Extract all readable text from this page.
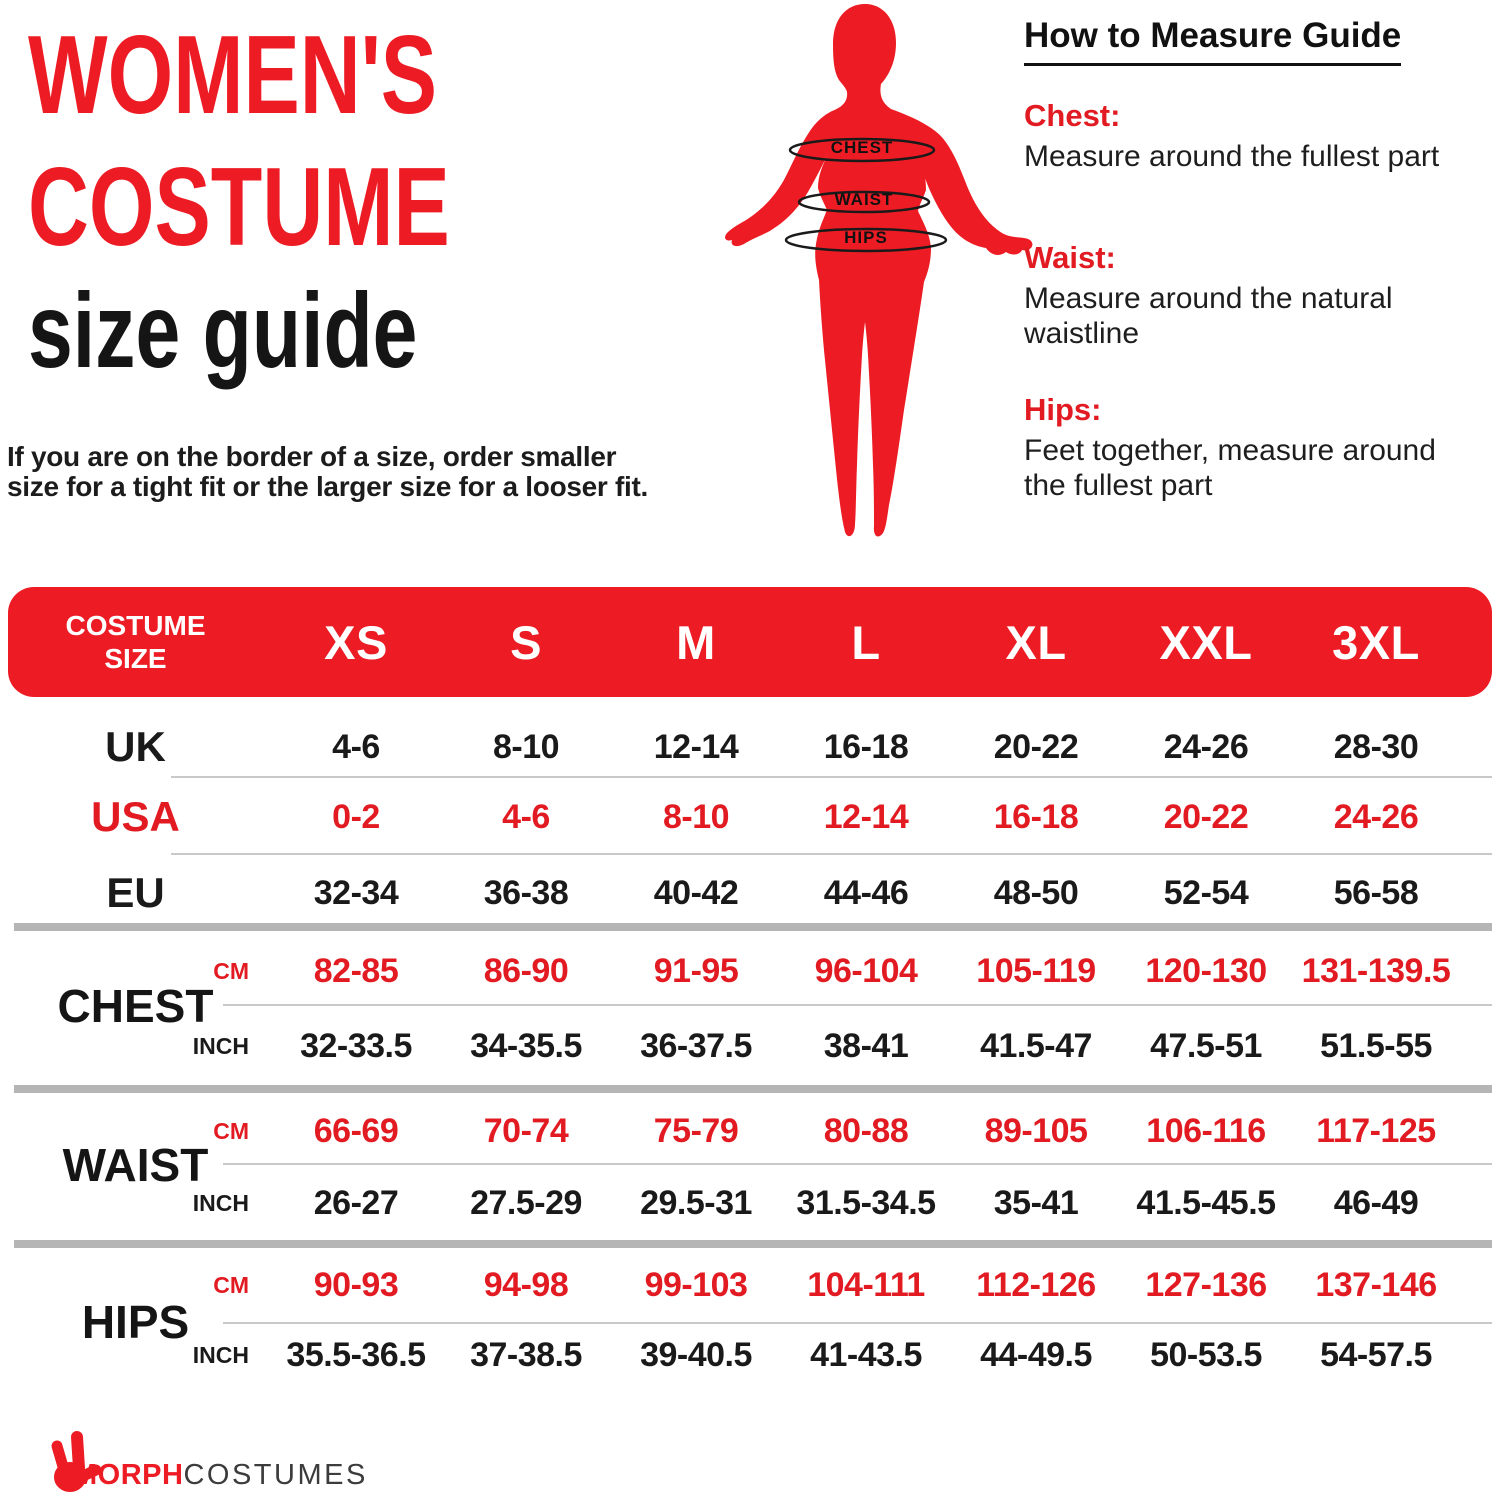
WOMEN'S
COSTUME
size guide
If you are on the border of a size, order smaller
size for a tight fit or the larger size for a looser fit.
CHEST
WAIST
HIPS
How to Measure Guide
Chest:
Measure around the fullest part
Waist:
Measure around the natural waistline
Hips:
Feet together, measure around the fullest part
COSTUME SIZE	XS	S	M	L	XL	XXL	3XL
UK	4-6	8-10	12-14	16-18	20-22	24-26	28-30
USA	0-2	4-6	8-10	12-14	16-18	20-22	24-26
EU	32-34	36-38	40-42	44-46	48-50	52-54	56-58
CHEST
CM	82-85	86-90	91-95	96-104	105-119	120-130	131-139.5
INCH	32-33.5	34-35.5	36-37.5	38-41	41.5-47	47.5-51	51.5-55
WAIST
CM	66-69	70-74	75-79	80-88	89-105	106-116	117-125
INCH	26-27	27.5-29	29.5-31	31.5-34.5	35-41	41.5-45.5	46-49
HIPS
CM	90-93	94-98	99-103	104-111	112-126	127-136	137-146
INCH	35.5-36.5	37-38.5	39-40.5	41-43.5	44-49.5	50-53.5	54-57.5
MORPHCOSTUMES
